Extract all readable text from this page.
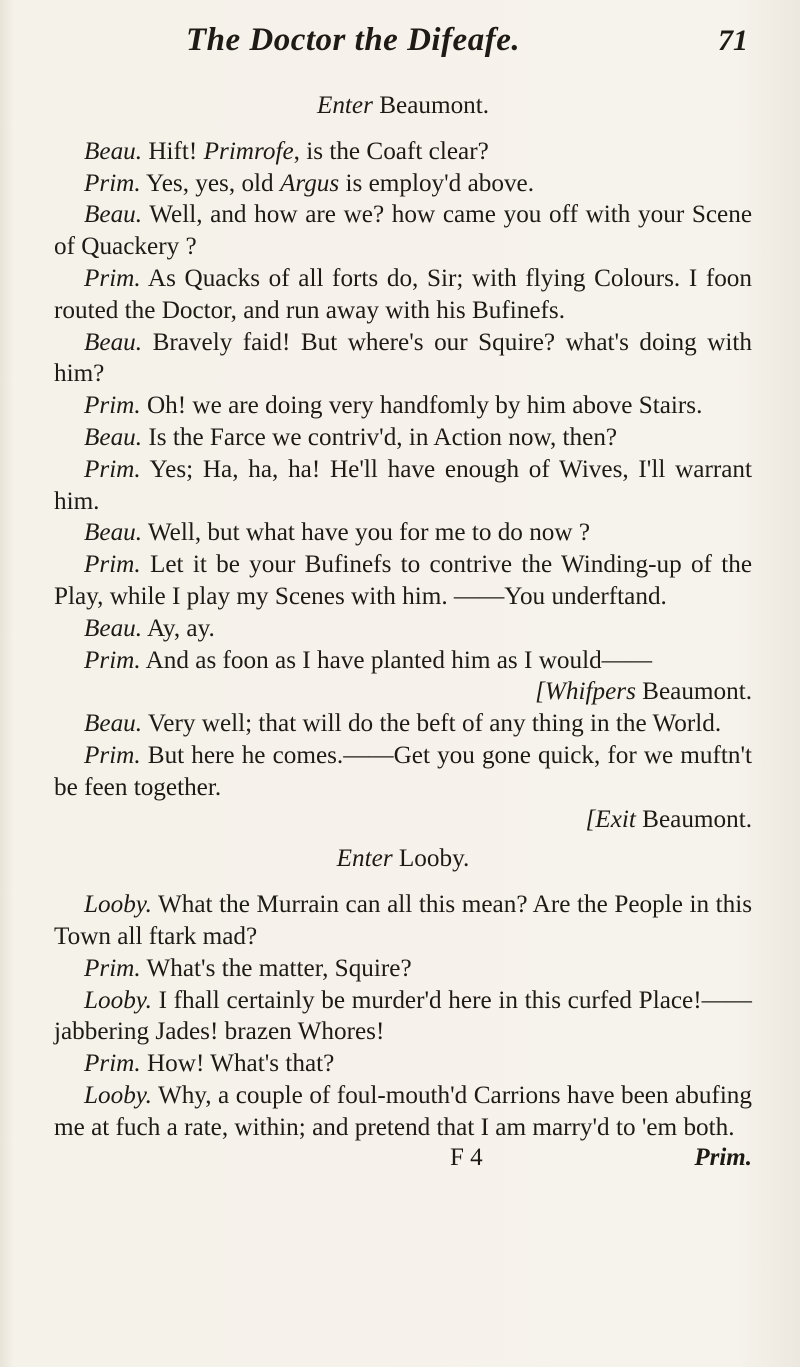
The Doctor the Difeafe.	71

Enter Beaumont.

Beau. Hift! Primrofe, is the Coaft clear?

Prim. Yes, yes, old Argus is employ'd above.

Beau. Well, and how are we? how came you off with your Scene of Quackery ?

Prim. As Quacks of all forts do, Sir; with flying Colours. I foon routed the Doctor, and run away with his Bufinefs.

Beau. Bravely faid! But where's our Squire? what's doing with him?

Prim. Oh! we are doing very handfomly by him above Stairs.

Beau. Is the Farce we contriv'd, in Action now, then?

Prim. Yes; Ha, ha, ha! He'll have enough of Wives, I'll warrant him.

Beau. Well, but what have you for me to do now ?

Prim. Let it be your Bufinefs to contrive the Winding-up of the Play, while I play my Scenes with him. ——You underftand.

Beau. Ay, ay.

Prim. And as foon as I have planted him as I would——

[Whifpers Beaumont.

Beau. Very well; that will do the beft of any thing in the World.

Prim. But here he comes.——Get you gone quick, for we muftn't be feen together.

[Exit Beaumont.

Enter Looby.

Looby. What the Murrain can all this mean? Are the People in this Town all ftark mad?

Prim. What's the matter, Squire?

Looby. I fhall certainly be murder'd here in this curfed Place!——jabbering Jades! brazen Whores!

Prim. How! What's that?

Looby. Why, a couple of foul-mouth'd Carrions have been abufing me at fuch a rate, within; and pretend that I am marry'd to 'em both.

F 4	Prim.
